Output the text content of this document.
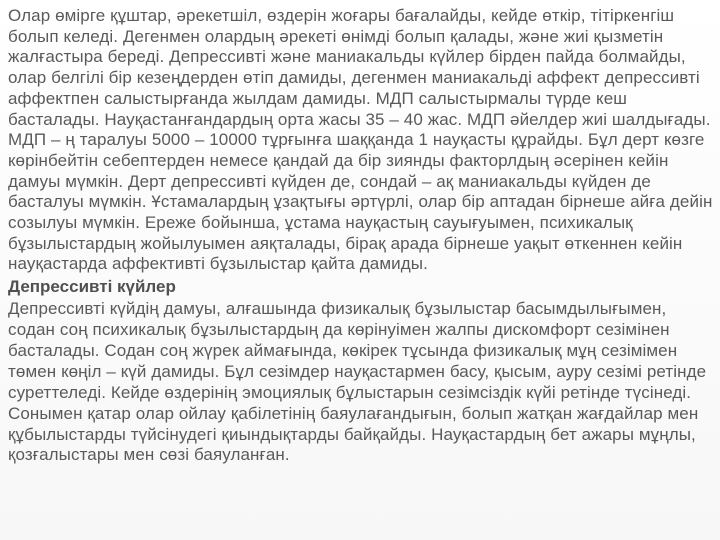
Олар өмірге құштар, әрекетшіл, өздерін жоғары бағалайды, кейде өткір, тітіркенгіш болып келеді. Дегенмен олардың әрекеті өнімді болып қалады, және жиі қызметін жалғастыра береді. Депрессивті және маниакальды күйлер бірден пайда болмайды, олар белгілі бір кезеңдерден өтіп дамиды, дегенмен маниакальді аффект депрессивті аффектпен салыстырғанда жылдам дамиды. МДП салыстырмалы түрде кеш басталады. Науқастанғандардың орта жасы 35 – 40 жас. МДП әйелдер жиі шалдығады. МДП – ң таралуы 5000 – 10000 тұрғынға шаққанда 1 науқасты құрайды. Бұл дерт көзге көрінбейтін себептерден немесе қандай да бір зиянды факторлдың әсерінен кейін дамуы мүмкін. Дерт депрессивті күйден де, сондай – ақ маниакальды күйден де басталуы мүмкін. Ұстамалардың ұзақтығы әртүрлі, олар бір аптадан бірнеше айға дейін созылуы мүмкін. Ереже бойынша, ұстама науқастың сауығуымен, психикалық бұзылыстардың жойылуымен аяқталады, бірақ арада бірнеше уақыт өткеннен кейін науқастарда аффективті бұзылыстар қайта дамиды.

Депрессивті күйлер

Депрессивті күйдің дамуы, алғашында физикалық бұзылыстар басымдылығымен, содан соң психикалық бұзылыстардың да көрінуімен жалпы дискомфорт сезімінен басталады. Содан соң жүрек аймағында, көкірек тұсында физикалық мұң сезімімен төмен көңіл – күй дамиды. Бұл сезімдер науқастармен басу, қысым, ауру сезімі ретінде суреттеледі. Кейде өздерінің эмоциялық бұлыстарын сезімсіздік күйі ретінде түсінеді. Сонымен қатар олар ойлау қабілетінің баяулағандығын, болып жатқан жағдайлар мен құбылыстарды түйсінудегі қиындықтарды байқайды. Науқастардың бет ажары мұңлы, қозғалыстары мен сөзі баяуланған.
